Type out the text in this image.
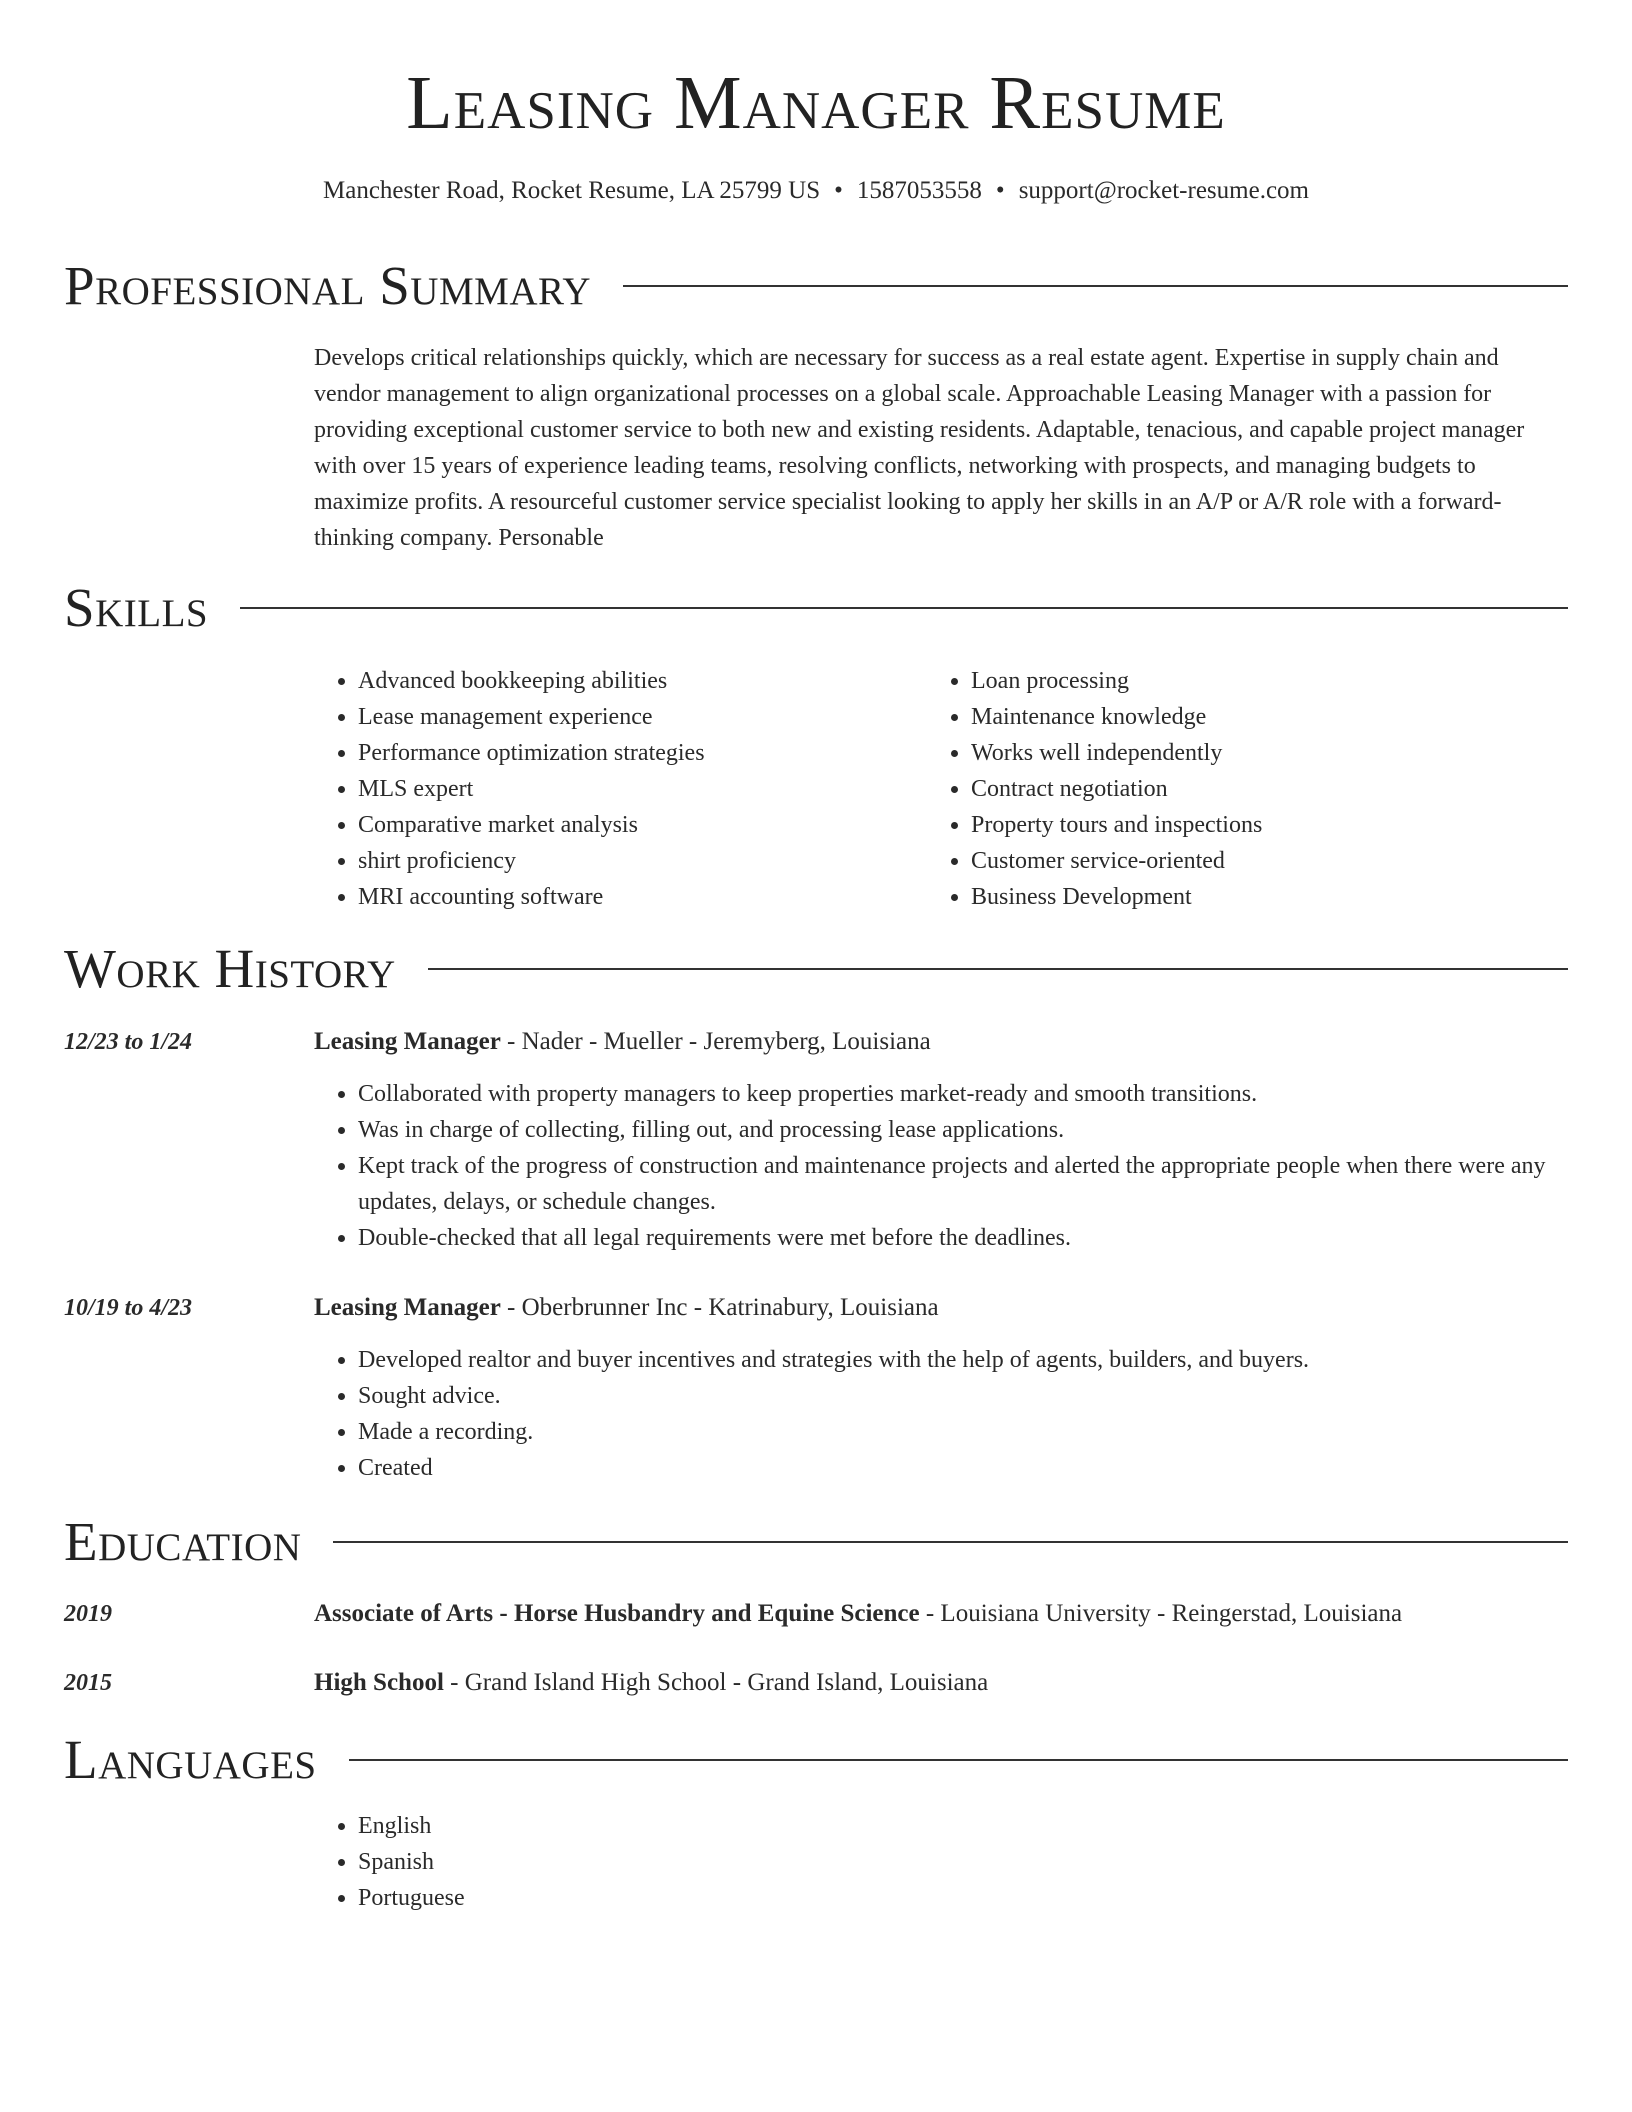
Leasing Manager Resume
Manchester Road, Rocket Resume, LA 25799 US • 1587053558 • support@rocket-resume.com
Professional Summary
Develops critical relationships quickly, which are necessary for success as a real estate agent. Expertise in supply chain and vendor management to align organizational processes on a global scale. Approachable Leasing Manager with a passion for providing exceptional customer service to both new and existing residents. Adaptable, tenacious, and capable project manager with over 15 years of experience leading teams, resolving conflicts, networking with prospects, and managing budgets to maximize profits. A resourceful customer service specialist looking to apply her skills in an A/P or A/R role with a forward-thinking company. Personable
Skills
• Advanced bookkeeping abilities
• Lease management experience
• Performance optimization strategies
• MLS expert
• Comparative market analysis
• shirt proficiency
• MRI accounting software
• Loan processing
• Maintenance knowledge
• Works well independently
• Contract negotiation
• Property tours and inspections
• Customer service-oriented
• Business Development
Work History
12/23 to 1/24	Leasing Manager - Nader - Mueller - Jeremyberg, Louisiana
• Collaborated with property managers to keep properties market-ready and smooth transitions.
• Was in charge of collecting, filling out, and processing lease applications.
• Kept track of the progress of construction and maintenance projects and alerted the appropriate people when there were any updates, delays, or schedule changes.
• Double-checked that all legal requirements were met before the deadlines.
10/19 to 4/23	Leasing Manager - Oberbrunner Inc - Katrinabury, Louisiana
• Developed realtor and buyer incentives and strategies with the help of agents, builders, and buyers.
• Sought advice.
• Made a recording.
• Created
Education
2019	Associate of Arts - Horse Husbandry and Equine Science - Louisiana University - Reingerstad, Louisiana
2015	High School - Grand Island High School - Grand Island, Louisiana
Languages
• English
• Spanish
• Portuguese
